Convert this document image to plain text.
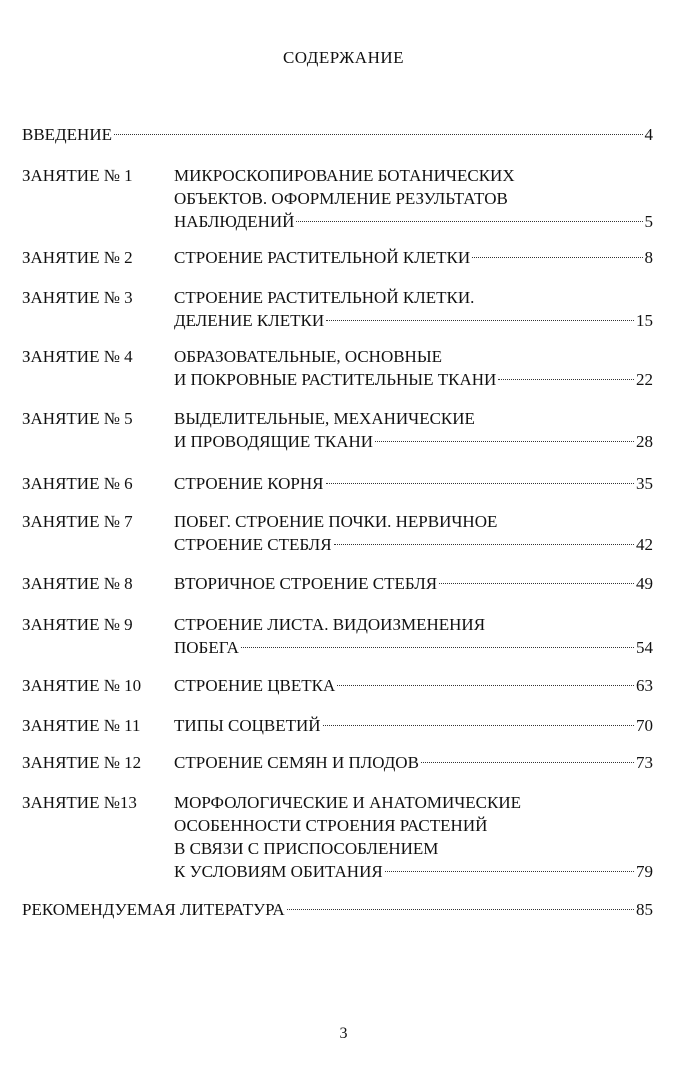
СОДЕРЖАНИЕ
ВВЕДЕНИЕ	4
ЗАНЯТИЕ № 1 МИКРОСКОПИРОВАНИЕ БОТАНИЧЕСКИХ
ОБЪЕКТОВ. ОФОРМЛЕНИЕ РЕЗУЛЬТАТОВ
НАБЛЮДЕНИЙ	5
ЗАНЯТИЕ № 2 СТРОЕНИЕ РАСТИТЕЛЬНОЙ КЛЕТКИ	8
ЗАНЯТИЕ № 3 СТРОЕНИЕ РАСТИТЕЛЬНОЙ КЛЕТКИ.
ДЕЛЕНИЕ КЛЕТКИ	15
ЗАНЯТИЕ № 4 ОБРАЗОВАТЕЛЬНЫЕ, ОСНОВНЫЕ
И ПОКРОВНЫЕ РАСТИТЕЛЬНЫЕ ТКАНИ	22
ЗАНЯТИЕ № 5 ВЫДЕЛИТЕЛЬНЫЕ, МЕХАНИЧЕСКИЕ
И ПРОВОДЯЩИЕ ТКАНИ	28
ЗАНЯТИЕ № 6 СТРОЕНИЕ КОРНЯ	35
ЗАНЯТИЕ № 7 ПОБЕГ. СТРОЕНИЕ ПОЧКИ. НЕРВИЧНОЕ
СТРОЕНИЕ СТЕБЛЯ	42
ЗАНЯТИЕ № 8 ВТОРИЧНОЕ СТРОЕНИЕ СТЕБЛЯ	49
ЗАНЯТИЕ № 9 СТРОЕНИЕ ЛИСТА. ВИДОИЗМЕНЕНИЯ
ПОБЕГА	54
ЗАНЯТИЕ № 10 СТРОЕНИЕ ЦВЕТКА	63
ЗАНЯТИЕ № 11 ТИПЫ СОЦВЕТИЙ	70
ЗАНЯТИЕ № 12 СТРОЕНИЕ СЕМЯН И ПЛОДОВ	73
ЗАНЯТИЕ №13 МОРФОЛОГИЧЕСКИЕ И АНАТОМИЧЕСКИЕ
ОСОБЕННОСТИ СТРОЕНИЯ РАСТЕНИЙ
В СВЯЗИ С ПРИСПОСОБЛЕНИЕМ
К УСЛОВИЯМ ОБИТАНИЯ	79
РЕКОМЕНДУЕМАЯ ЛИТЕРАТУРА	85
3
